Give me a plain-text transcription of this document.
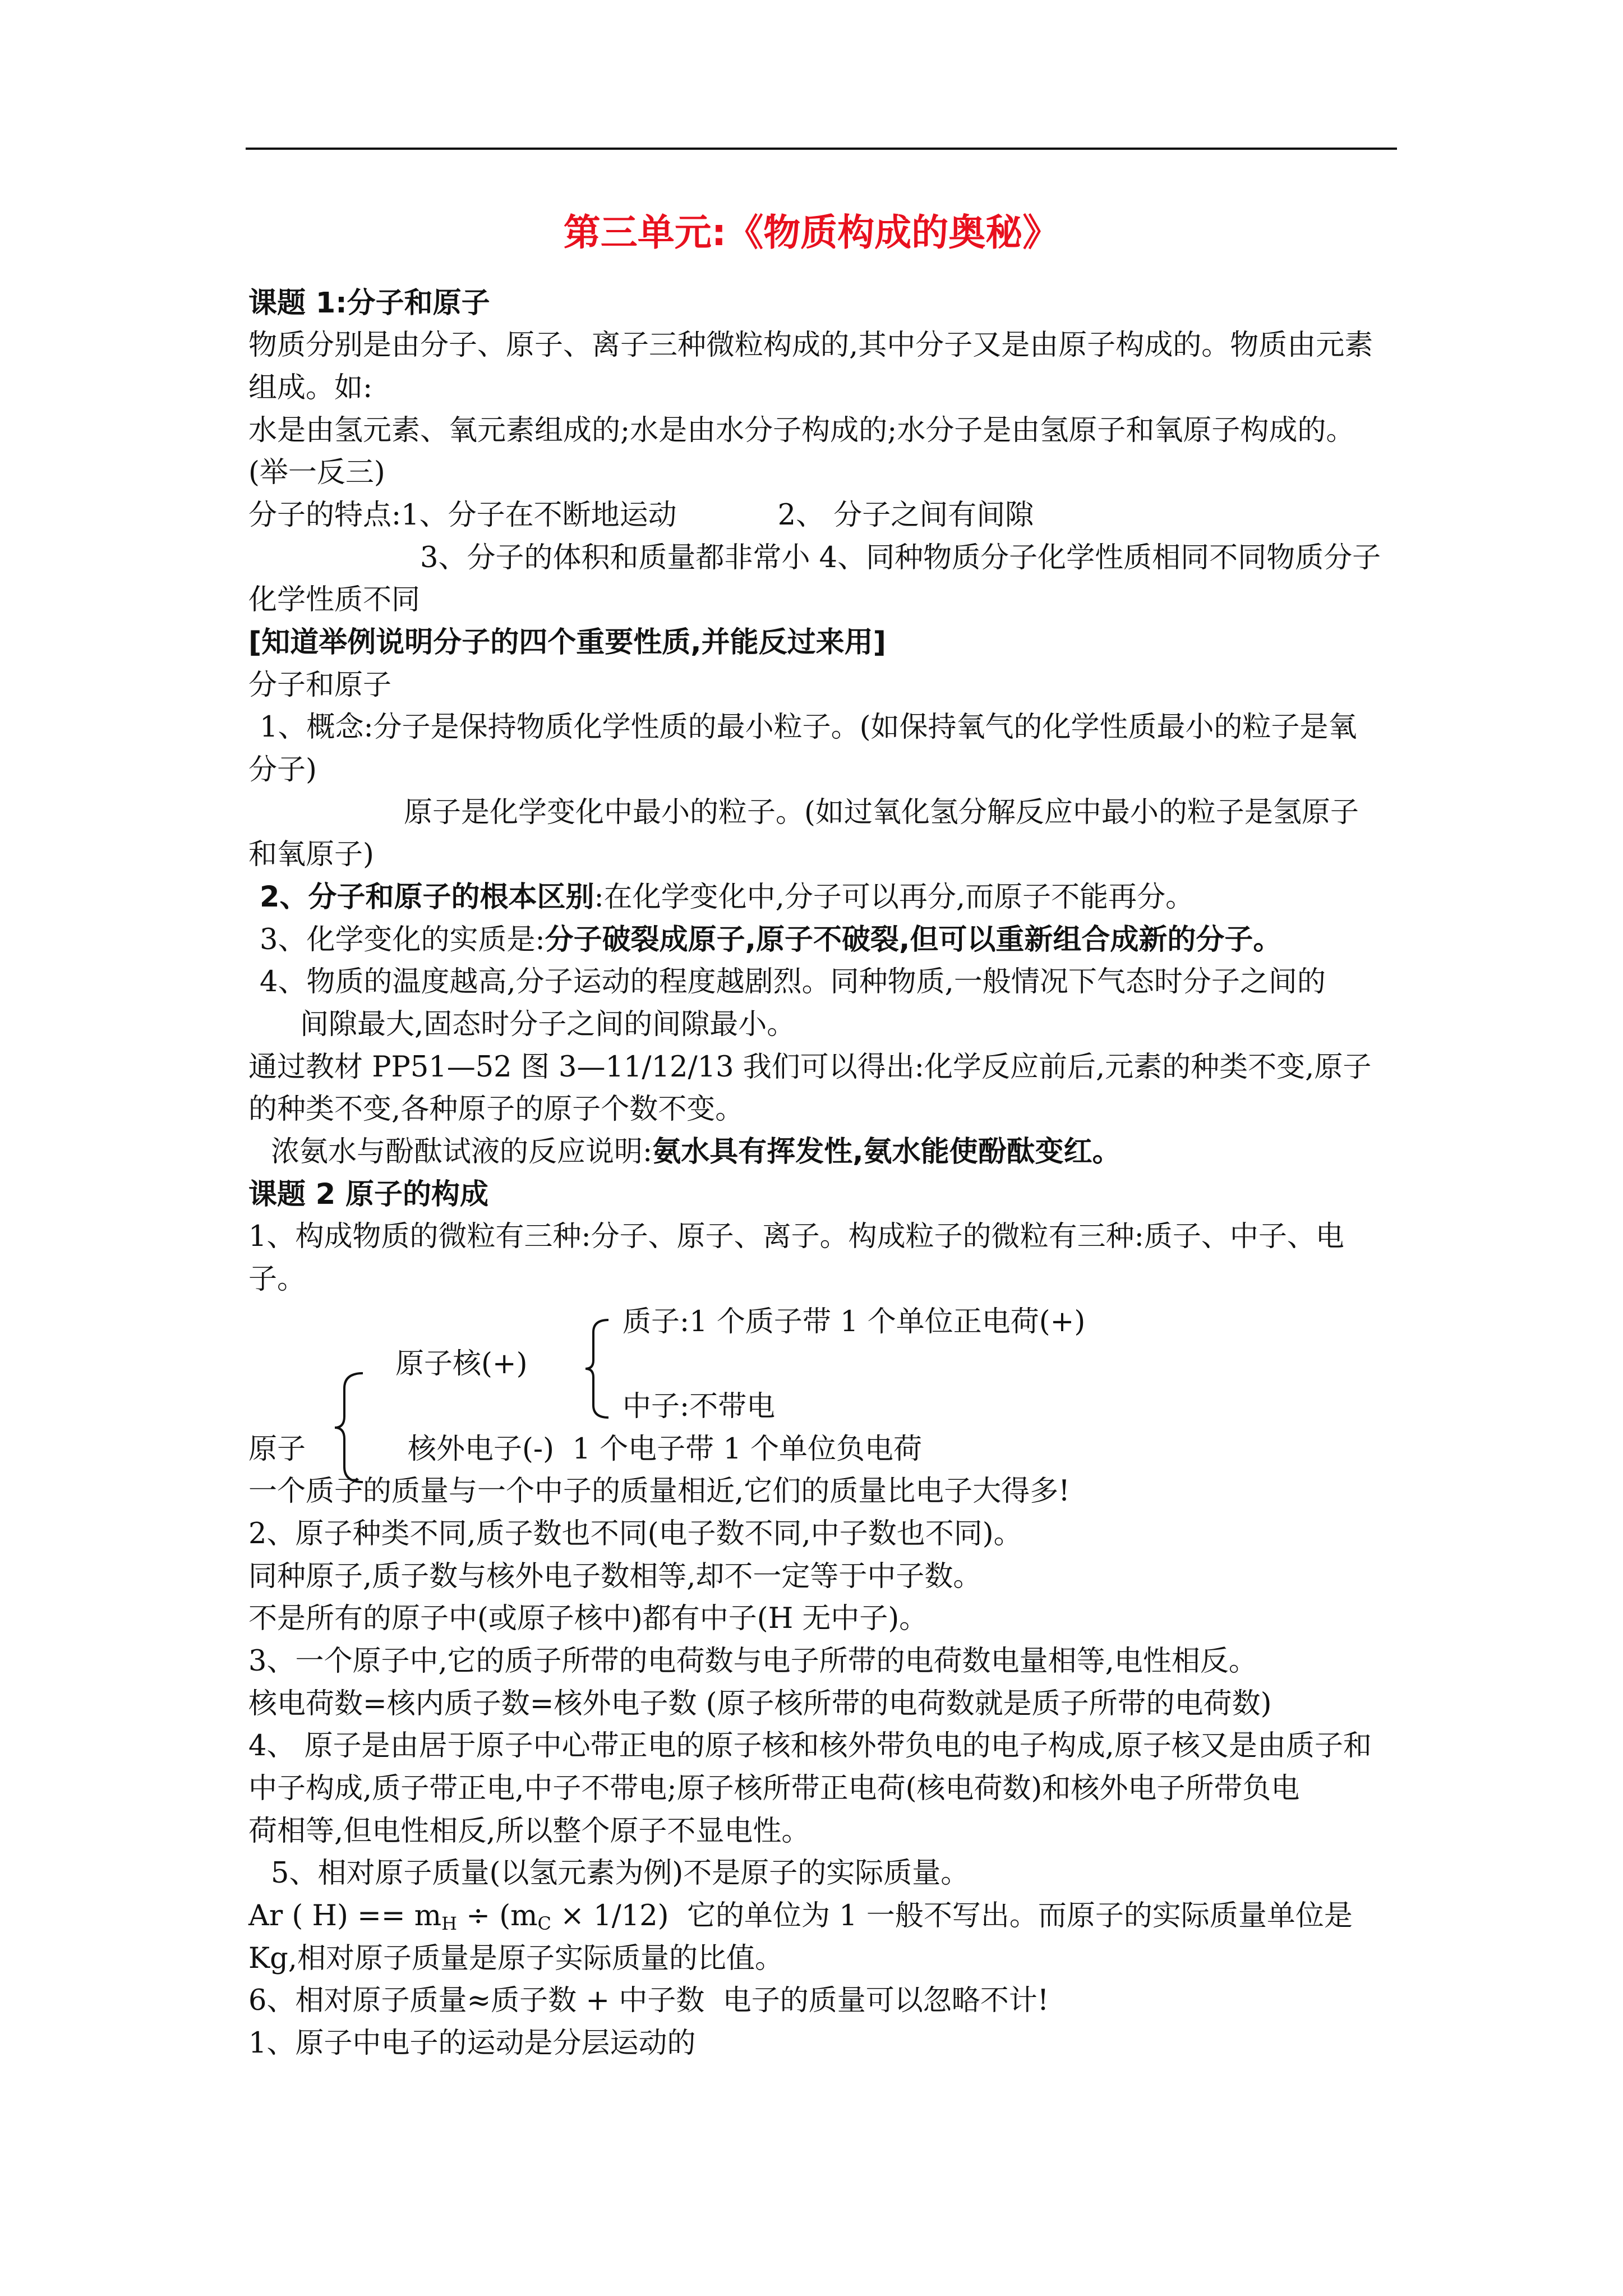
第三单元:《物质构成的奥秘》
课题 1:分子和原子
物质分别是由分子、原子、离子三种微粒构成的,其中分子又是由原子构成的。物质由元素
组成。如:
水是由氢元素、氧元素组成的;水是由水分子构成的;水分子是由氢原子和氧原子构成的。
(举一反三)
分子的特点:1、分子在不断地运动	2、 分子之间有间隙
3、分子的体积和质量都非常小 4、同种物质分子化学性质相同不同物质分子
化学性质不同
[知道举例说明分子的四个重要性质,并能反过来用]
分子和原子
1、概念:分子是保持物质化学性质的最小粒子。(如保持氧气的化学性质最小的粒子是氧
分子)
原子是化学变化中最小的粒子。(如过氧化氢分解反应中最小的粒子是氢原子
和氧原子)
2、分子和原子的根本区别:在化学变化中,分子可以再分,而原子不能再分。
3、化学变化的实质是:分子破裂成原子,原子不破裂,但可以重新组合成新的分子。
4、物质的温度越高,分子运动的程度越剧烈。同种物质,一般情况下气态时分子之间的
间隙最大,固态时分子之间的间隙最小。
通过教材 PP51—52 图 3—11/12/13 我们可以得出:化学反应前后,元素的种类不变,原子
的种类不变,各种原子的原子个数不变。
浓氨水与酚酞试液的反应说明:氨水具有挥发性,氨水能使酚酞变红。
课题 2 原子的构成
1、构成物质的微粒有三种:分子、原子、离子。构成粒子的微粒有三种:质子、中子、电
子。
质子:1 个质子带 1 个单位正电荷(+)
原子核(+)
中子:不带电
原子	核外电子(-)  1 个电子带 1 个单位负电荷
一个质子的质量与一个中子的质量相近,它们的质量比电子大得多!
2、原子种类不同,质子数也不同(电子数不同,中子数也不同)。
同种原子,质子数与核外电子数相等,却不一定等于中子数。
不是所有的原子中(或原子核中)都有中子(H 无中子)。
3、一个原子中,它的质子所带的电荷数与电子所带的电荷数电量相等,电性相反。
核电荷数=核内质子数=核外电子数 (原子核所带的电荷数就是质子所带的电荷数)
4、 原子是由居于原子中心带正电的原子核和核外带负电的电子构成,原子核又是由质子和
中子构成,质子带正电,中子不带电;原子核所带正电荷(核电荷数)和核外电子所带负电
荷相等,但电性相反,所以整个原子不显电性。
5、相对原子质量(以氢元素为例)不是原子的实际质量。
Ar ( $H) == m_H \div (m_C \times 1/12)$  它的单位为 1 一般不写出。而原子的实际质量单位是
Kg,相对原子质量是原子实际质量的比值。
6、相对原子质量≈质子数 + 中子数  电子的质量可以忽略不计!
1、原子中电子的运动是分层运动的
